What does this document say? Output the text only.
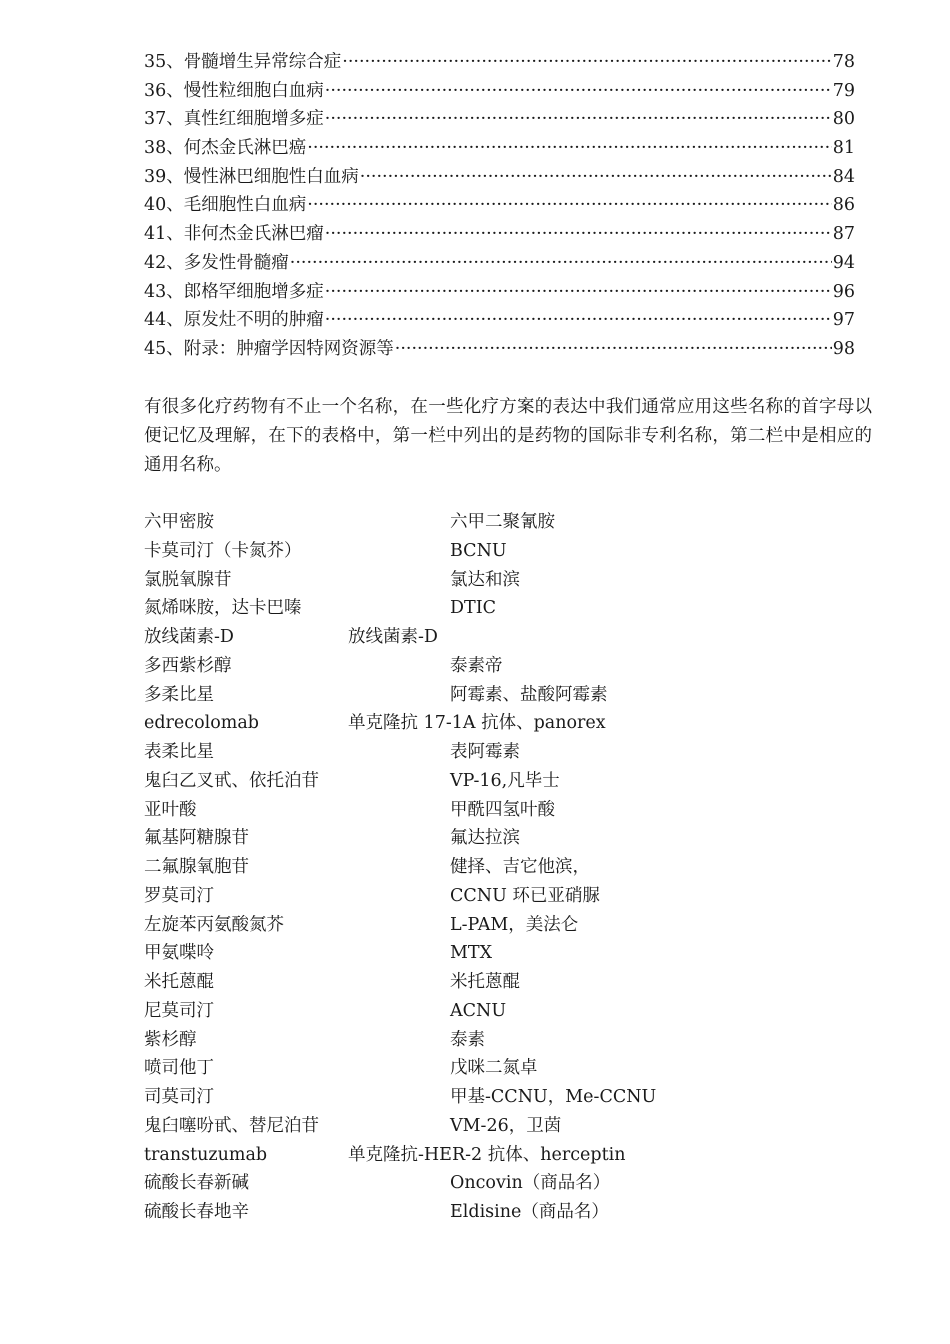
35 、 骨髓增生异常综合症 ·····	78
36 、 慢性粒细胞白血病 ·····	79
37 、 真性红细胞增多症 ·····	80
38 、 何杰金氏淋巴癌 ·····	81
39 、 慢性淋巴细胞性白血病 ·····	84
40 、 毛细胞性白血病 ·····	86
41 、 非何杰金氏淋巴瘤 ·····	87
42 、 多发性骨髓瘤 ·····	94
43 、 郎格罕细胞增多症 ·····	96
44 、 原发灶不明的肿瘤 ·····	97
45 、 附录：肿瘤学因特网资源等 ·····	98

有很多化疗药物有不止一个名称，在一些化疗方案的表达中我们通常应用这些名称的首字母以便记忆及理解，在下的表格中，第一栏中列出的是药物的国际非专利名称，第二栏中是相应的通用名称。

六甲密胺	六甲二聚氰胺
卡莫司汀（卡氮芥）	BCNU
氯脱氧腺苷	氯达和滨
氮烯咪胺，达卡巴嗪	DTIC
放线菌素-D	放线菌素-D
多西紫杉醇	泰素帝
多柔比星	阿霉素、盐酸阿霉素
edrecolomab	单克隆抗 17-1A 抗体、panorex
表柔比星	表阿霉素
鬼臼乙叉甙、依托泊苷	VP-16,凡毕士
亚叶酸	甲酰四氢叶酸
氟基阿糖腺苷	氟达拉滨
二氟腺氧胞苷	健择、吉它他滨，
罗莫司汀	CCNU 环已亚硝脲
左旋苯丙氨酸氮芥	L-PAM，美法仑
甲氨喋呤	MTX
米托蒽醌	米托蒽醌
尼莫司汀	ACNU
紫杉醇	泰素
喷司他丁	戊咪二氮卓
司莫司汀	甲基-CCNU，Me-CCNU
鬼臼噻吩甙、替尼泊苷	VM-26，卫茵
transtuzumab	单克隆抗-HER-2 抗体、herceptin
硫酸长春新碱	Oncovin（商品名）
硫酸长春地辛	Eldisine（商品名）
